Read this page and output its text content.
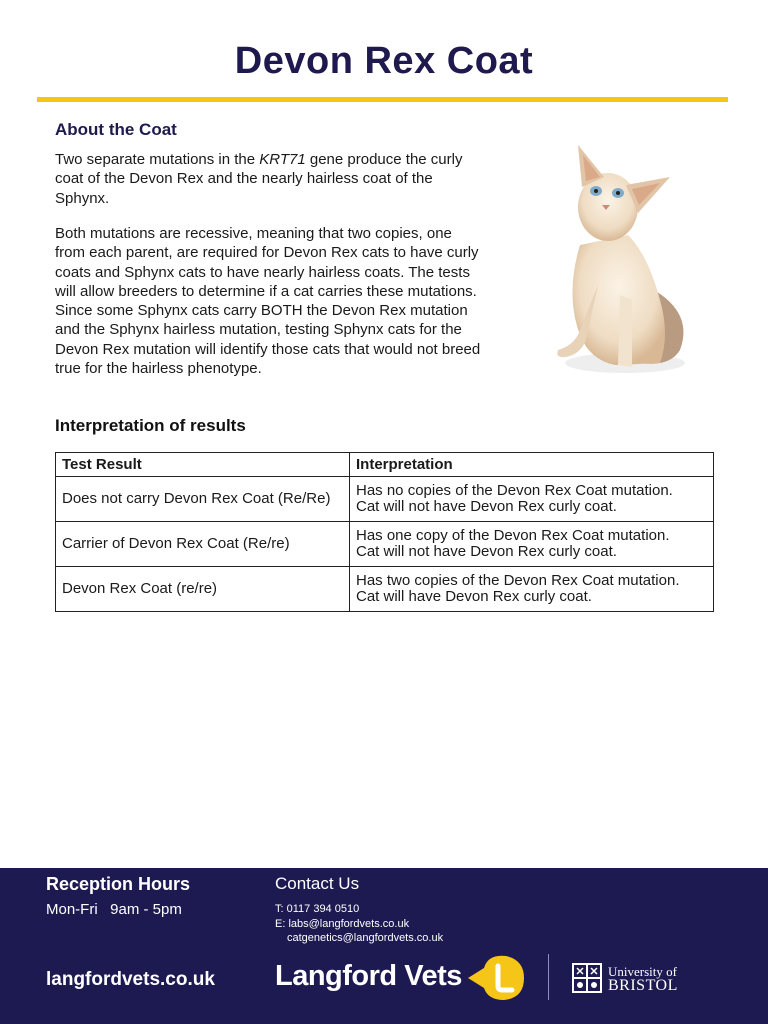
Devon Rex Coat
About the Coat
Two separate mutations in the KRT71 gene produce the curly coat of the Devon Rex and the nearly hairless coat of the Sphynx.
Both mutations are recessive, meaning that two copies, one from each parent, are required for Devon Rex cats to have curly coats and Sphynx cats to have nearly hairless coats. The tests will allow breeders to determine if a cat carries these mutations. Since some Sphynx cats carry BOTH the Devon Rex mutation and the Sphynx hairless mutation, testing Sphynx cats for the Devon Rex mutation will identify those cats that would not breed true for the hairless phenotype.
Interpretation of results
Test Result	Interpretation
Does not carry Devon Rex Coat (Re/Re)	Has no copies of the Devon Rex Coat mutation.
Cat will not have Devon Rex curly coat.

Carrier of Devon Rex Coat (Re/re)	Has one copy of the Devon Rex Coat mutation.
Cat will not have Devon Rex curly coat.

Devon Rex Coat (re/re)	Has two copies of the Devon Rex Coat mutation.
Cat will have Devon Rex curly coat.
Reception Hours
Mon-Fri   9am - 5pm
Contact Us
T: 0117 394 0510
E: labs@langfordvets.co.uk
catgenetics@langfordvets.co.uk
langfordvets.co.uk Langford Vets	University of
BRISTOL
